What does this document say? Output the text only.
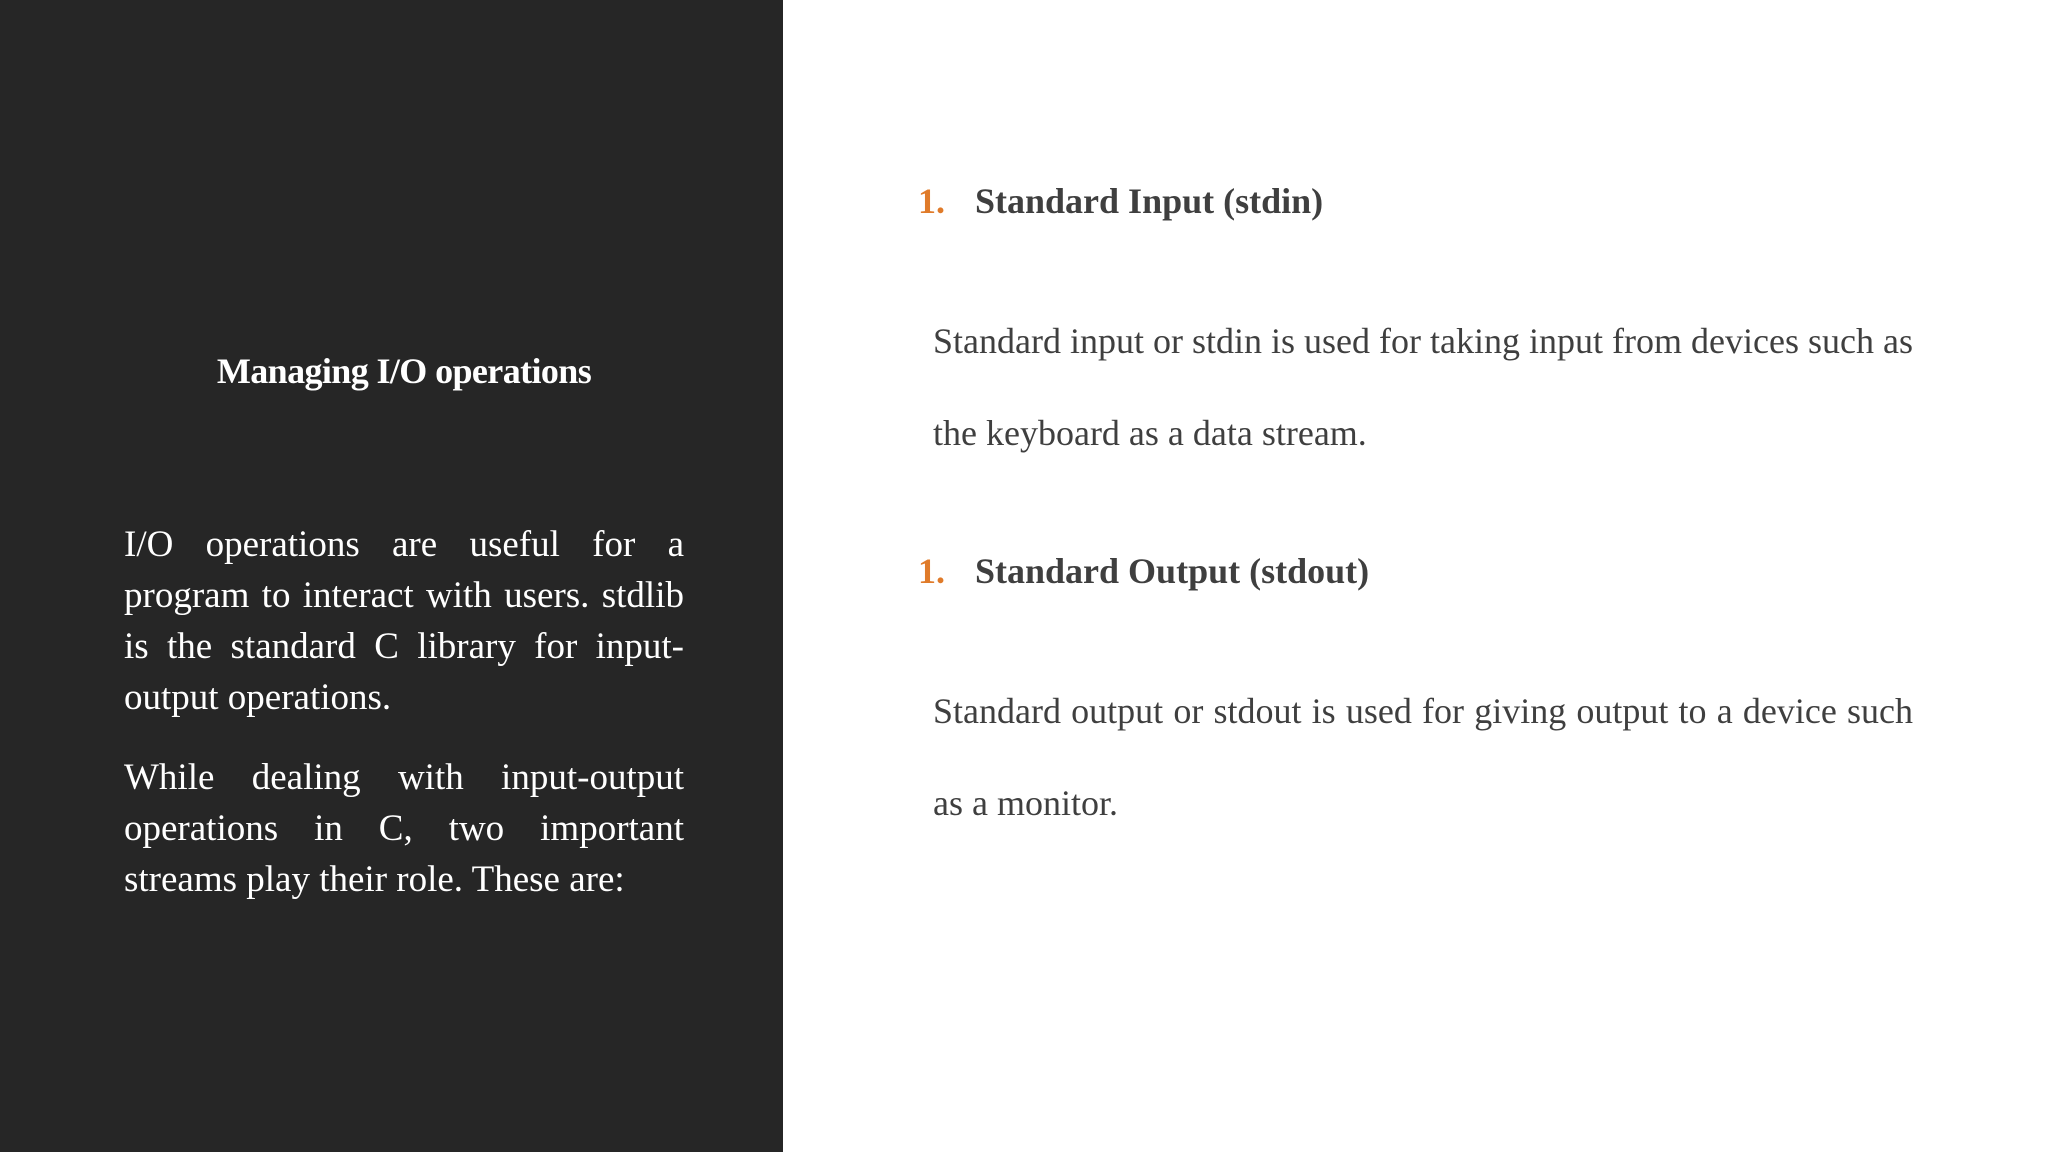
Managing I/O operations

I/O operations are useful for a program to interact with users. stdlib is the standard C library for input-output operations.

While dealing with input-output operations in C, two important streams play their role. These are:

1. Standard Input (stdin)
Standard input or stdin is used for taking input from devices such as the keyboard as a data stream.
1. Standard Output (stdout)
Standard output or stdout is used for giving output to a device such as a monitor.
